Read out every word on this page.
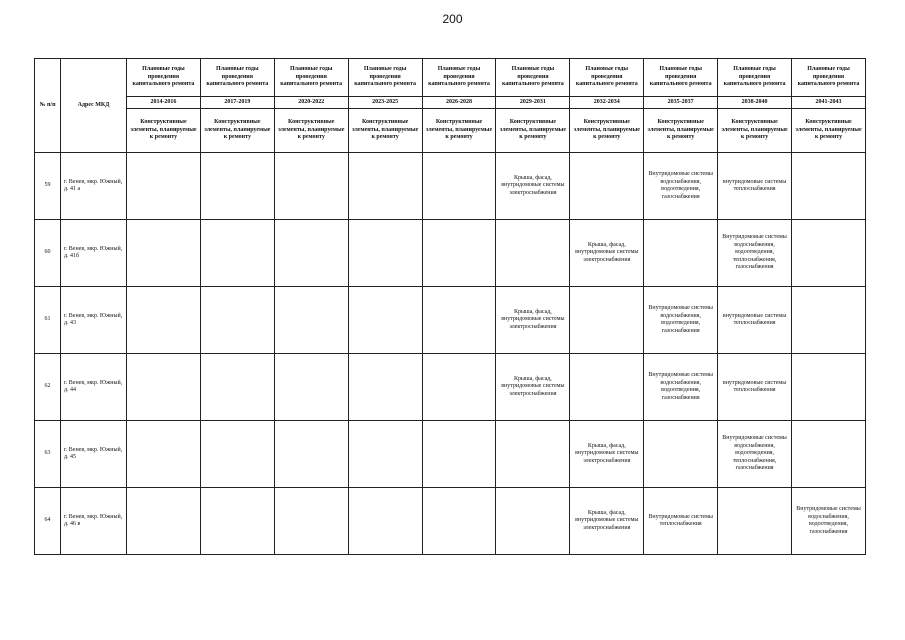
200
№ п/п	Адрес МКД	Плановые годы проведения капитального ремонта	Плановые годы проведения капитального ремонта	Плановые годы проведения капитального ремонта	Плановые годы проведения капитального ремонта	Плановые годы проведения капитального ремонта	Плановые годы проведения капитального ремонта	Плановые годы проведения капитального ремонта	Плановые годы проведения капитального ремонта	Плановые годы проведения капитального ремонта	Плановые годы проведения капитального ремонта
		2014-2016	2017-2019	2020-2022	2023-2025	2026-2028	2029-2031	2032-2034	2035-2037	2038-2040	2041-2043
		Конструктивные элементы, планируемые к ремонту	Конструктивные элементы, планируемые к ремонту	Конструктивные элементы, планируемые к ремонту	Конструктивные элементы, планируемые к ремонту	Конструктивные элементы, планируемые к ремонту	Конструктивные элементы, планируемые к ремонту	Конструктивные элементы, планируемые к ремонту	Конструктивные элементы, планируемые к ремонту	Конструктивные элементы, планируемые к ремонту	Конструктивные элементы, планируемые к ремонту
59	г. Венев, мкр. Южный, д. 41 а						Крыша, фасад, внутридомовые системы электроснабжения		Внутридомовые системы водоснабжения, водоотведения, газоснабжения	внутридомовые системы теплоснабжения	
60	г. Венев, мкр. Южный, д. 41б							Крыша, фасад, внутридомовые системы электроснабжения		Внутридомовые системы водоснабжения, водоотведения, теплоснабжения, газоснабжения	
61	г. Венев, мкр. Южный, д. 43						Крыша, фасад, внутридомовые системы электроснабжения		Внутридомовые системы водоснабжения, водоотведения, газоснабжения	внутридомовые системы теплоснабжения	
62	г. Венев, мкр. Южный, д. 44						Крыша, фасад, внутридомовые системы электроснабжения		Внутридомовые системы водоснабжения, водоотведения, газоснабжения	внутридомовые системы теплоснабжения	
63	г. Венев, мкр. Южный, д. 45							Крыша, фасад, внутридомовые системы электроснабжения		Внутридомовые системы водоснабжения, водоотведения, теплоснабжения, газоснабжения	
64	г. Венев, мкр. Южный, д. 46 в							Крыша, фасад, внутридомовые системы электроснабжения	Внутридомовые системы теплоснабжения		Внутридомовые системы водоснабжения, водоотведения, газоснабжения
